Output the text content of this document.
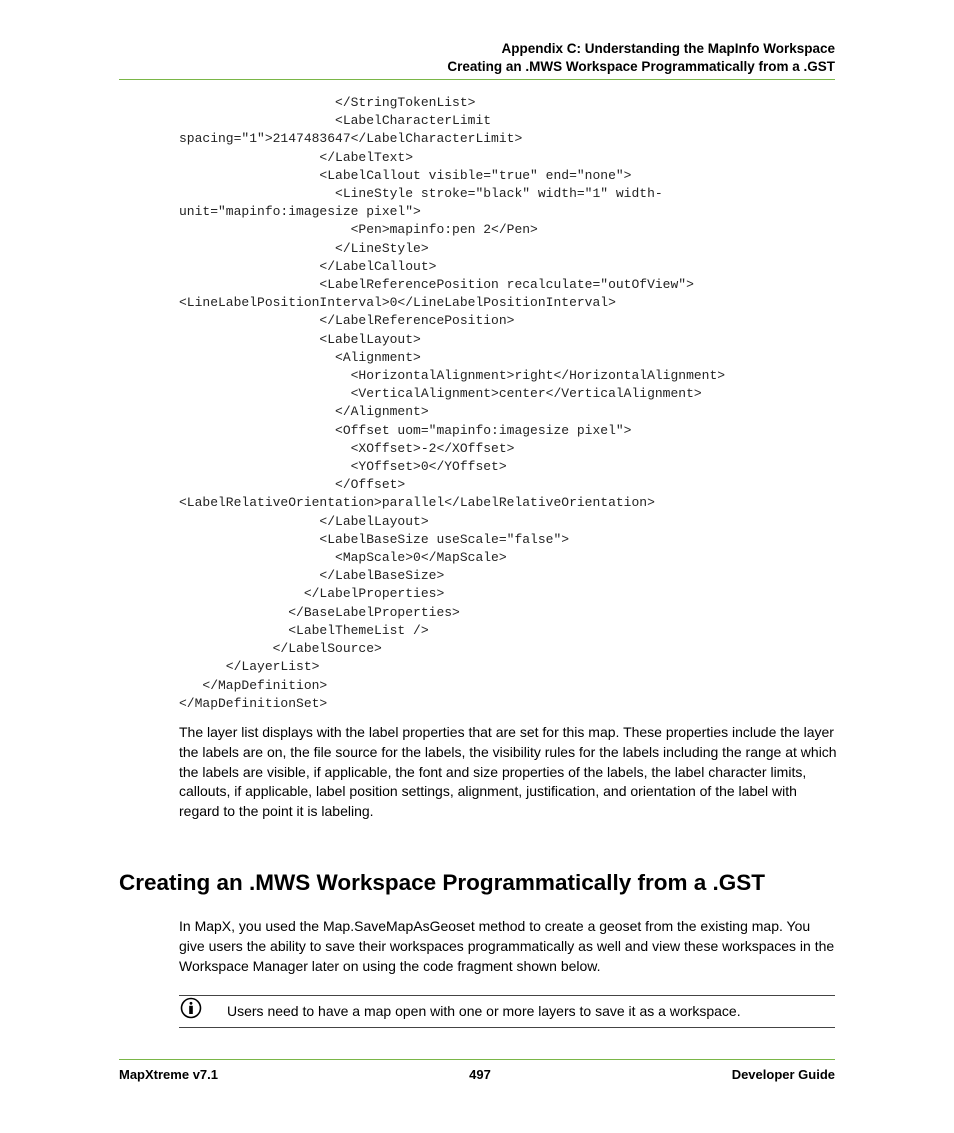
Appendix C: Understanding the MapInfo Workspace
Creating an .MWS Workspace Programmatically from a .GST
</StringTokenList>
<LabelCharacterLimit
spacing="1">2147483647</LabelCharacterLimit>
</LabelText>
<LabelCallout visible="true" end="none">
<LineStyle stroke="black" width="1" width-
unit="mapinfo:imagesize pixel">
<Pen>mapinfo:pen 2</Pen>
</LineStyle>
</LabelCallout>
<LabelReferencePosition recalculate="outOfView">
<LineLabelPositionInterval>0</LineLabelPositionInterval>
</LabelReferencePosition>
<LabelLayout>
<Alignment>
<HorizontalAlignment>right</HorizontalAlignment>
<VerticalAlignment>center</VerticalAlignment>
</Alignment>
<Offset uom="mapinfo:imagesize pixel">
<XOffset>-2</XOffset>
<YOffset>0</YOffset>
</Offset>
<LabelRelativeOrientation>parallel</LabelRelativeOrientation>
</LabelLayout>
<LabelBaseSize useScale="false">
<MapScale>0</MapScale>
</LabelBaseSize>
</LabelProperties>
</BaseLabelProperties>
<LabelThemeList />
</LabelSource>
</LayerList>
</MapDefinition>
</MapDefinitionSet>
The layer list displays with the label properties that are set for this map. These properties include the layer the labels are on, the file source for the labels, the visibility rules for the labels including the range at which the labels are visible, if applicable, the font and size properties of the labels, the label character limits, callouts, if applicable, label position settings, alignment, justification, and orientation of the label with regard to the point it is labeling.
Creating an .MWS Workspace Programmatically from a .GST
In MapX, you used the Map.SaveMapAsGeoset method to create a geoset from the existing map. You give users the ability to save their workspaces programmatically as well and view these workspaces in the Workspace Manager later on using the code fragment shown below.
Users need to have a map open with one or more layers to save it as a workspace.
MapXtreme v7.1	497	Developer Guide
